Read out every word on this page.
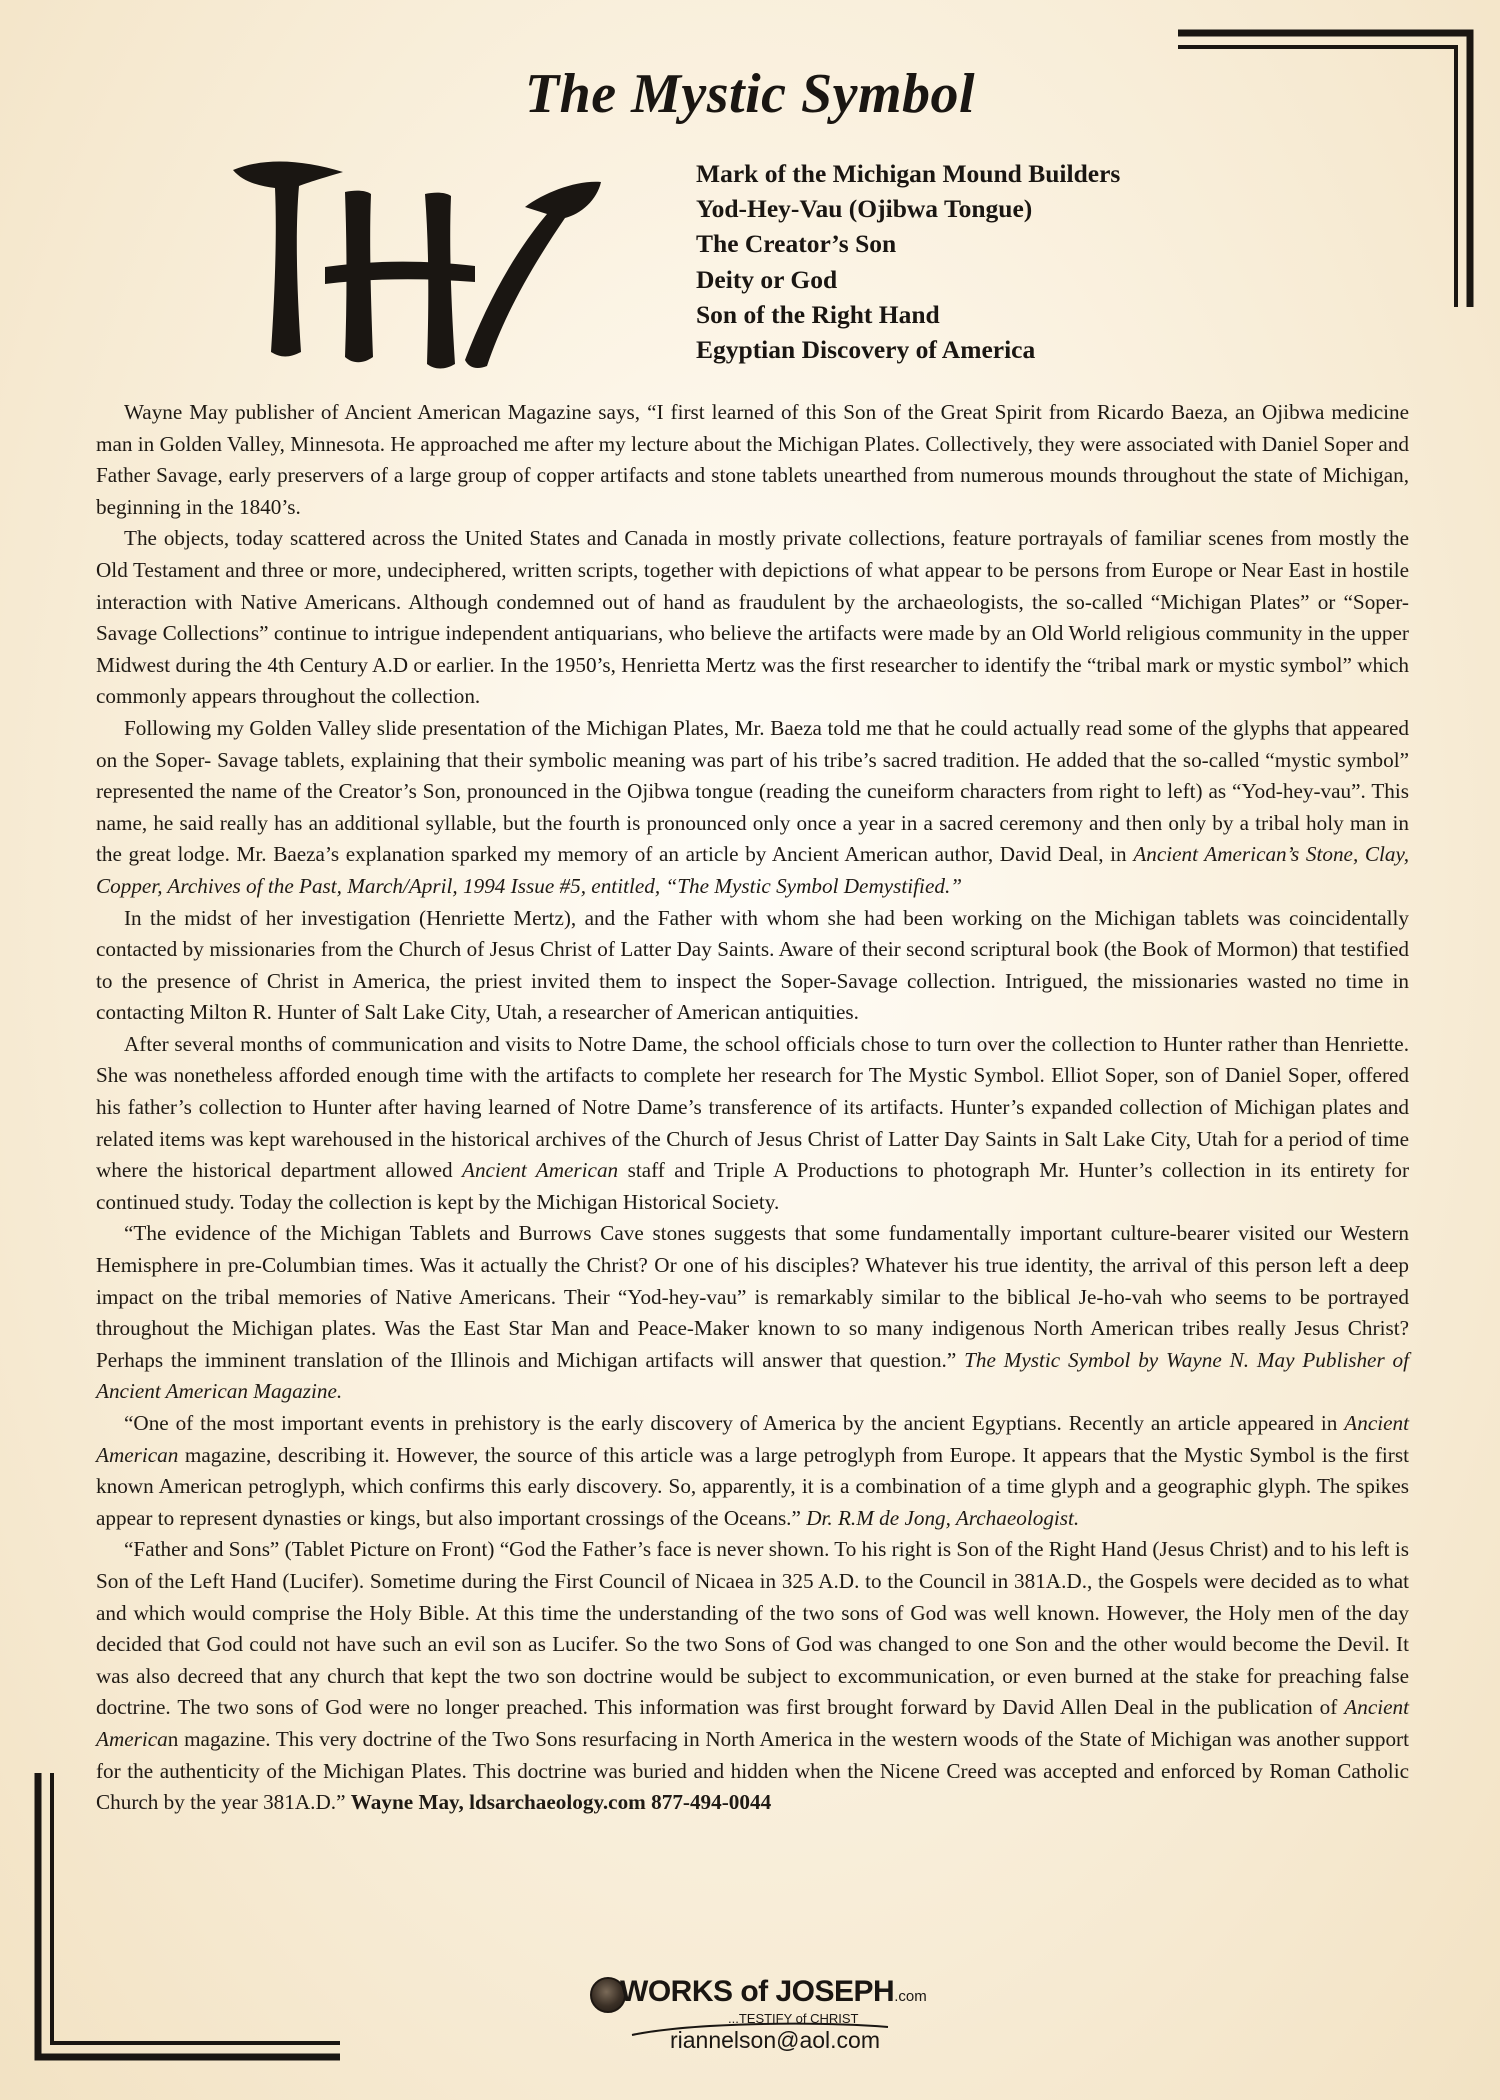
The Mystic Symbol
Mark of the Michigan Mound Builders
Yod-Hey-Vau (Ojibwa Tongue)
The Creator’s Son
Deity or God
Son of the Right Hand
Egyptian Discovery of America

Wayne May publisher of Ancient American Magazine says, “I first learned of this Son of the Great Spirit from Ricardo Baeza, an Ojibwa medicine man in Golden Valley, Minnesota. He approached me after my lecture about the Michigan Plates. Collectively, they were associated with Daniel Soper and Father Savage, early preservers of a large group of copper artifacts and stone tablets unearthed from numerous mounds throughout the state of Michigan, beginning in the 1840’s.

The objects, today scattered across the United States and Canada in mostly private collections, feature portrayals of familiar scenes from mostly the Old Testament and three or more, undeciphered, written scripts, together with depictions of what appear to be persons from Europe or Near East in hostile interaction with Native Americans. Although condemned out of hand as fraudulent by the archaeologists, the so-called “Michigan Plates” or “Soper- Savage Collections” continue to intrigue independent antiquarians, who believe the artifacts were made by an Old World religious community in the upper Midwest during the 4th Century A.D or earlier. In the 1950’s, Henrietta Mertz was the first researcher to identify the “tribal mark or mystic symbol” which commonly appears throughout the collection.

Following my Golden Valley slide presentation of the Michigan Plates, Mr. Baeza told me that he could actually read some of the glyphs that appeared on the Soper- Savage tablets, explaining that their symbolic meaning was part of his tribe’s sacred tradition. He added that the so-called “mystic symbol” represented the name of the Creator’s Son, pronounced in the Ojibwa tongue (reading the cuneiform characters from right to left) as “Yod-hey-vau”. This name, he said really has an additional syllable, but the fourth is pronounced only once a year in a sacred ceremony and then only by a tribal holy man in the great lodge. Mr. Baeza’s explanation sparked my memory of an article by Ancient American author, David Deal, in Ancient American’s Stone, Clay, Copper, Archives of the Past, March/April, 1994 Issue #5, entitled, “The Mystic Symbol Demystified.”

In the midst of her investigation (Henriette Mertz), and the Father with whom she had been working on the Michigan tablets was coincidentally contacted by missionaries from the Church of Jesus Christ of Latter Day Saints. Aware of their second scriptural book (the Book of Mormon) that testified to the presence of Christ in America, the priest invited them to inspect the Soper-Savage collection. Intrigued, the missionaries wasted no time in contacting Milton R. Hunter of Salt Lake City, Utah, a researcher of American antiquities.

After several months of communication and visits to Notre Dame, the school officials chose to turn over the collection to Hunter rather than Henriette. She was nonetheless afforded enough time with the artifacts to complete her research for The Mystic Symbol. Elliot Soper, son of Daniel Soper, offered his father’s collection to Hunter after having learned of Notre Dame’s transference of its artifacts. Hunter’s expanded collection of Michigan plates and related items was kept warehoused in the historical archives of the Church of Jesus Christ of Latter Day Saints in Salt Lake City, Utah for a period of time where the historical department allowed Ancient American staff and Triple A Productions to photograph Mr. Hunter’s collection in its entirety for continued study. Today the collection is kept by the Michigan Historical Society.

“The evidence of the Michigan Tablets and Burrows Cave stones suggests that some fundamentally important culture-bearer visited our Western Hemisphere in pre-Columbian times. Was it actually the Christ? Or one of his disciples? Whatever his true identity, the arrival of this person left a deep impact on the tribal memories of Native Americans. Their “Yod-hey-vau” is remarkably similar to the biblical Je-ho-vah who seems to be portrayed throughout the Michigan plates. Was the East Star Man and Peace-Maker known to so many indigenous North American tribes really Jesus Christ? Perhaps the imminent translation of the Illinois and Michigan artifacts will answer that question.” The Mystic Symbol by Wayne N. May Publisher of Ancient American Magazine.

“One of the most important events in prehistory is the early discovery of America by the ancient Egyptians. Recently an article appeared in Ancient American magazine, describing it. However, the source of this article was a large petroglyph from Europe. It appears that the Mystic Symbol is the first known American petroglyph, which confirms this early discovery. So, apparently, it is a combination of a time glyph and a geographic glyph. The spikes appear to represent dynasties or kings, but also important crossings of the Oceans.” Dr. R.M de Jong, Archaeologist.

“Father and Sons” (Tablet Picture on Front) “God the Father’s face is never shown. To his right is Son of the Right Hand (Jesus Christ) and to his left is Son of the Left Hand (Lucifer). Sometime during the First Council of Nicaea in 325 A.D. to the Council in 381A.D., the Gospels were decided as to what and which would comprise the Holy Bible. At this time the understanding of the two sons of God was well known. However, the Holy men of the day decided that God could not have such an evil son as Lucifer. So the two Sons of God was changed to one Son and the other would become the Devil. It was also decreed that any church that kept the two son doctrine would be subject to excommunication, or even burned at the stake for preaching false doctrine. The two sons of God were no longer preached. This information was first brought forward by David Allen Deal in the publication of Ancient American magazine. This very doctrine of the Two Sons resurfacing in North America in the western woods of the State of Michigan was another support for the authenticity of the Michigan Plates. This doctrine was buried and hidden when the Nicene Creed was accepted and enforced by Roman Catholic Church by the year 381A.D.” Wayne May, ldsarchaeology.com 877-494-0044

WORKS of JOSEPH.com
...TESTIFY of CHRIST
riannelson@aol.com
